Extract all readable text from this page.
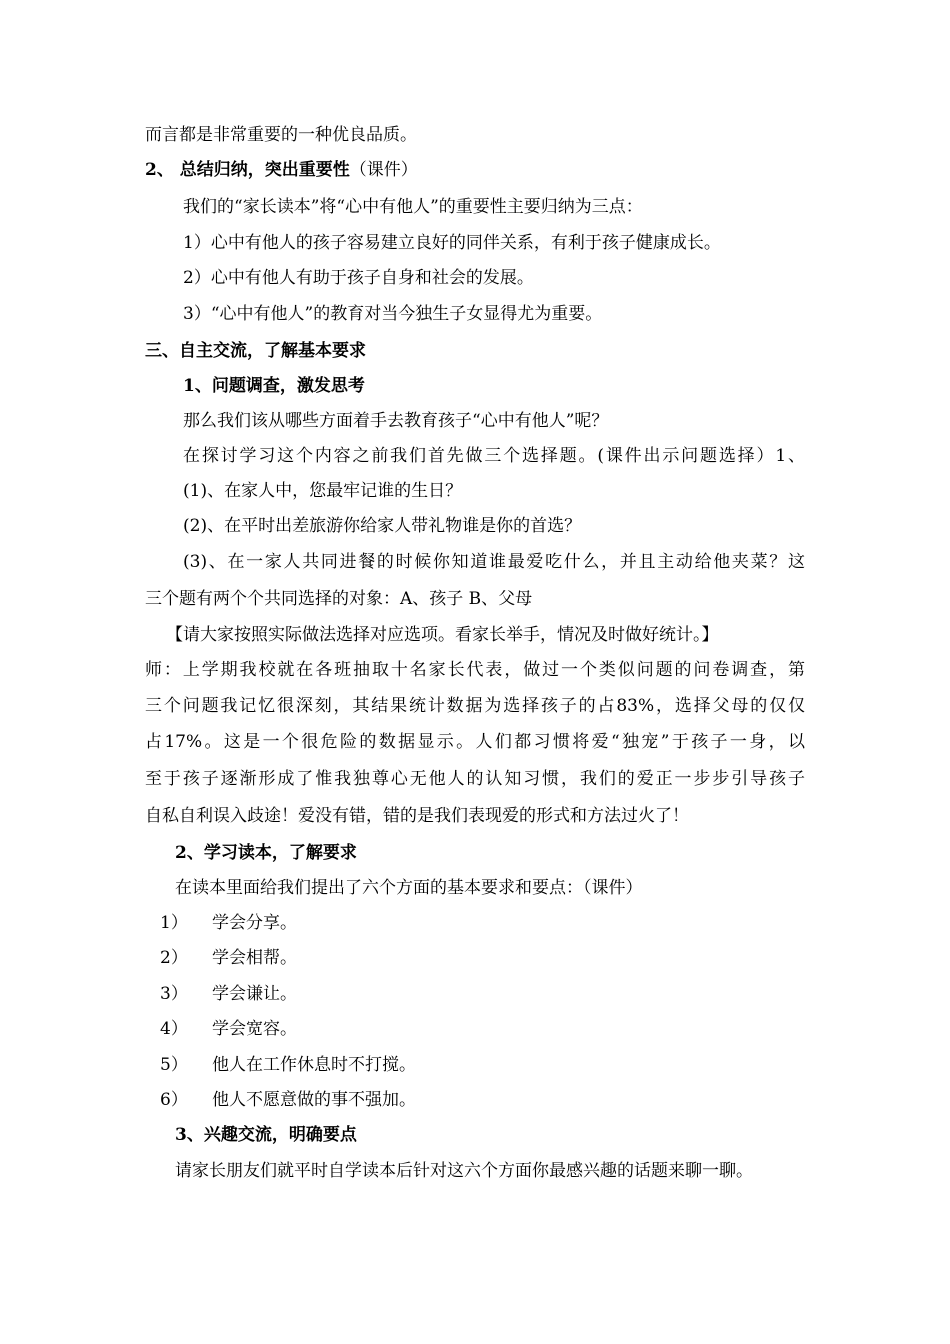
而言都是非常重要的一种优良品质。
2、 总结归纳，突出重要性（课件）
我们的“家长读本”将“心中有他人”的重要性主要归纳为三点：
1）心中有他人的孩子容易建立良好的同伴关系，有利于孩子健康成长。
2）心中有他人有助于孩子自身和社会的发展。
3）“心中有他人”的教育对当今独生子女显得尤为重要。
三、自主交流，了解基本要求
1、问题调查，激发思考
那么我们该从哪些方面着手去教育孩子“心中有他人”呢？
在探讨学习这个内容之前我们首先做三个选择题。(课件出示问题选择）1、
(1)、在家人中，您最牢记谁的生日？
(2)、在平时出差旅游你给家人带礼物谁是你的首选？
(3)、在一家人共同进餐的时候你知道谁最爱吃什么，并且主动给他夹菜？这
三个题有两个个共同选择的对象：A、孩子 B、父母
【请大家按照实际做法选择对应选项。看家长举手，情况及时做好统计。】
师：上学期我校就在各班抽取十名家长代表，做过一个类似问题的问卷调查，第
三个问题我记忆很深刻，其结果统计数据为选择孩子的占83%，选择父母的仅仅
占17%。这是一个很危险的数据显示。人们都习惯将爱“独宠”于孩子一身，以
至于孩子逐渐形成了惟我独尊心无他人的认知习惯，我们的爱正一步步引导孩子
自私自利误入歧途！爱没有错，错的是我们表现爱的形式和方法过火了！
2、学习读本，了解要求
在读本里面给我们提出了六个方面的基本要求和要点：（课件）
1） 学会分享。
2） 学会相帮。
3） 学会谦让。
4） 学会宽容。
5） 他人在工作休息时不打搅。
6） 他人不愿意做的事不强加。
3、兴趣交流，明确要点
请家长朋友们就平时自学读本后针对这六个方面你最感兴趣的话题来聊一聊。
